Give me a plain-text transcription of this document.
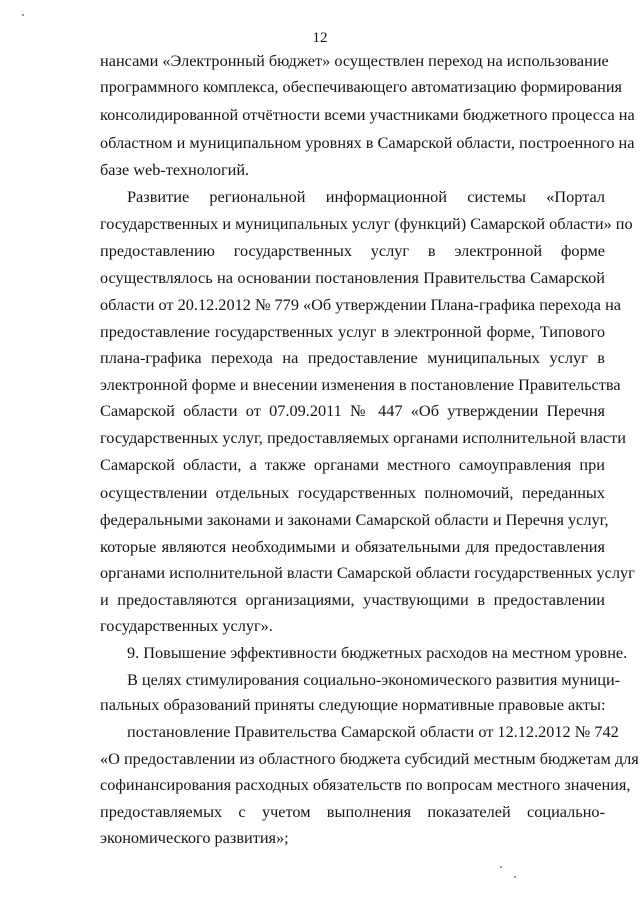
12
нансами «Электронный бюджет» осуществлен переход на использование
программного комплекса, обеспечивающего автоматизацию формирования
консолидированной отчётности всеми участниками бюджетного процесса на
областном и муниципальном уровнях в Самарской области, построенного на
базе web-технологий.
Развитие региональной информационной системы «Портал
государственных и муниципальных услуг (функций) Самарской области» по
предоставлению государственных услуг в электронной форме
осуществлялось на основании постановления Правительства Самарской
области от 20.12.2012 № 779 «Об утверждении Плана-графика перехода на
предоставление государственных услуг в электронной форме, Типового
плана-графика перехода на предоставление муниципальных услуг в
электронной форме и внесении изменения в постановление Правительства
Самарской области от 07.09.2011 № 447 «Об утверждении Перечня
государственных услуг, предоставляемых органами исполнительной власти
Самарской области, а также органами местного самоуправления при
осуществлении отдельных государственных полномочий, переданных
федеральными законами и законами Самарской области и Перечня услуг,
которые являются необходимыми и обязательными для предоставления
органами исполнительной власти Самарской области государственных услуг
и предоставляются организациями, участвующими в предоставлении
государственных услуг».
9. Повышение эффективности бюджетных расходов на местном уровне.
В целях стимулирования социально-экономического развития муници-
пальных образований приняты следующие нормативные правовые акты:
постановление Правительства Самарской области от 12.12.2012 № 742
«О предоставлении из областного бюджета субсидий местным бюджетам для
софинансирования расходных обязательств по вопросам местного значения,
предоставляемых с учетом выполнения показателей социально-
экономического развития»;
